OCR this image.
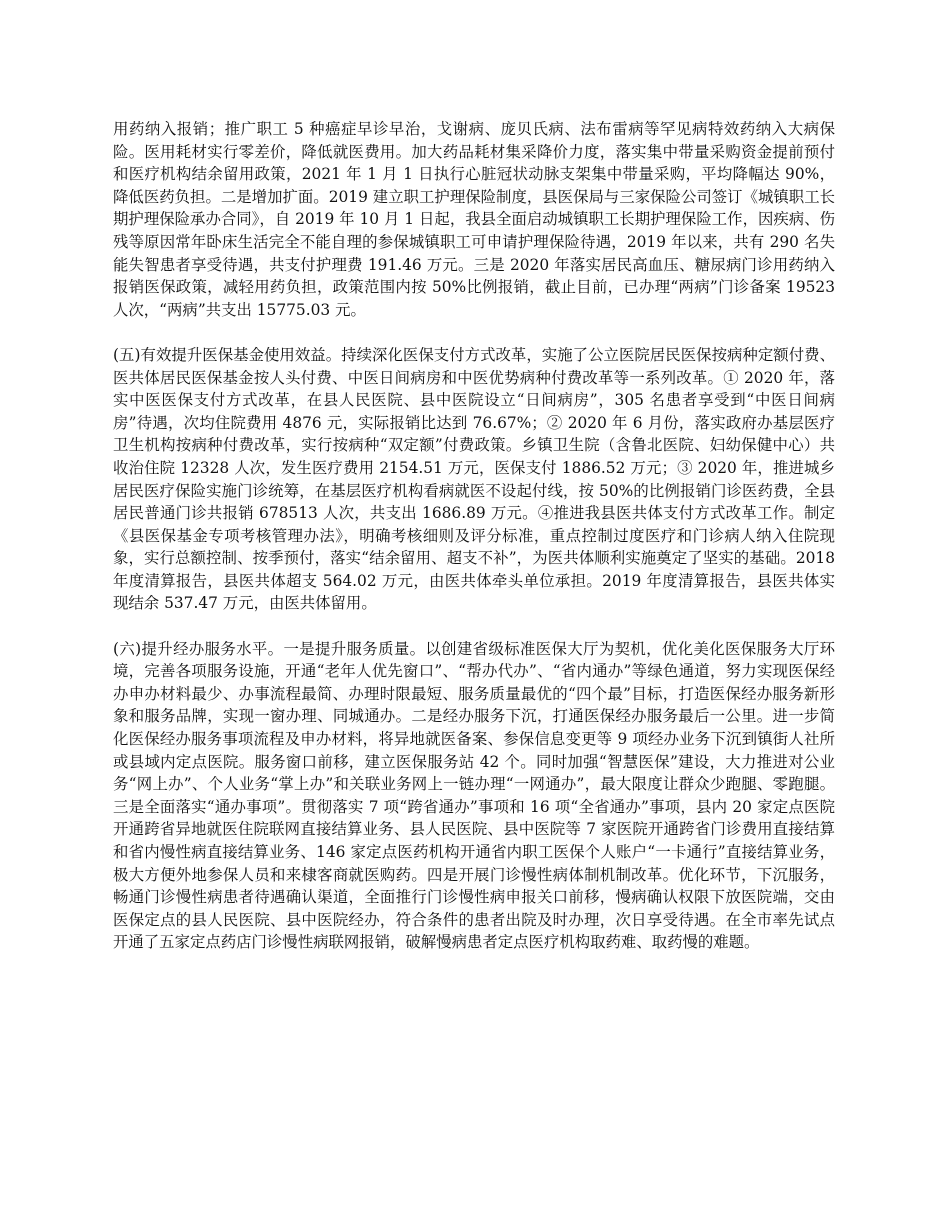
用药纳入报销；推广职工 5 种癌症早诊早治，戈谢病、庞贝氏病、法布雷病等罕见病特效药纳入大病保险。医用耗材实行零差价，降低就医费用。加大药品耗材集采降价力度，落实集中带量采购资金提前预付和医疗机构结余留用政策，2021 年 1 月 1 日执行心脏冠状动脉支架集中带量采购，平均降幅达 90%，降低医药负担。二是增加扩面。2019 建立职工护理保险制度，县医保局与三家保险公司签订《城镇职工长期护理保险承办合同》，自 2019 年 10 月 1 日起，我县全面启动城镇职工长期护理保险工作，因疾病、伤残等原因常年卧床生活完全不能自理的参保城镇职工可申请护理保险待遇，2019 年以来，共有 290 名失能失智患者享受待遇，共支付护理费 191.46 万元。三是 2020 年落实居民高血压、糖尿病门诊用药纳入报销医保政策，减轻用药负担，政策范围内按 50%比例报销，截止目前，已办理“两病”门诊备案 19523 人次，“两病”共支出 15775.03 元。

(五)有效提升医保基金使用效益。持续深化医保支付方式改革，实施了公立医院居民医保按病种定额付费、医共体居民医保基金按人头付费、中医日间病房和中医优势病种付费改革等一系列改革。① 2020 年，落实中医医保支付方式改革，在县人民医院、县中医院设立“日间病房”，305 名患者享受到“中医日间病房”待遇，次均住院费用 4876 元，实际报销比达到 76.67%；② 2020 年 6 月份，落实政府办基层医疗卫生机构按病种付费改革，实行按病种“双定额”付费政策。乡镇卫生院（含鲁北医院、妇幼保健中心）共收治住院 12328 人次，发生医疗费用 2154.51 万元，医保支付 1886.52 万元；③ 2020 年，推进城乡居民医疗保险实施门诊统筹，在基层医疗机构看病就医不设起付线，按 50%的比例报销门诊医药费，全县居民普通门诊共报销 678513 人次，共支出 1686.89 万元。④推进我县医共体支付方式改革工作。制定《县医保基金专项考核管理办法》，明确考核细则及评分标准，重点控制过度医疗和门诊病人纳入住院现象，实行总额控制、按季预付，落实“结余留用、超支不补”，为医共体顺利实施奠定了坚实的基础。2018 年度清算报告，县医共体超支 564.02 万元，由医共体牵头单位承担。2019 年度清算报告，县医共体实现结余 537.47 万元，由医共体留用。

(六)提升经办服务水平。一是提升服务质量。以创建省级标准医保大厅为契机，优化美化医保服务大厅环境，完善各项服务设施，开通“老年人优先窗口”、“帮办代办”、“省内通办”等绿色通道，努力实现医保经办申办材料最少、办事流程最简、办理时限最短、服务质量最优的“四个最”目标，打造医保经办服务新形象和服务品牌，实现一窗办理、同城通办。二是经办服务下沉，打通医保经办服务最后一公里。进一步简化医保经办服务事项流程及申办材料，将异地就医备案、参保信息变更等 9 项经办业务下沉到镇街人社所或县域内定点医院。服务窗口前移，建立医保服务站 42 个。同时加强“智慧医保”建设，大力推进对公业务“网上办”、个人业务“掌上办”和关联业务网上一链办理“一网通办”，最大限度让群众少跑腿、零跑腿。三是全面落实“通办事项”。贯彻落实 7 项“跨省通办”事项和 16 项“全省通办”事项，县内 20 家定点医院开通跨省异地就医住院联网直接结算业务、县人民医院、县中医院等 7 家医院开通跨省门诊费用直接结算和省内慢性病直接结算业务、146 家定点医药机构开通省内职工医保个人账户“一卡通行”直接结算业务，极大方便外地参保人员和来棣客商就医购药。四是开展门诊慢性病体制机制改革。优化环节，下沉服务，畅通门诊慢性病患者待遇确认渠道，全面推行门诊慢性病申报关口前移，慢病确认权限下放医院端，交由医保定点的县人民医院、县中医院经办，符合条件的患者出院及时办理，次日享受待遇。在全市率先试点开通了五家定点药店门诊慢性病联网报销，破解慢病患者定点医疗机构取药难、取药慢的难题。
